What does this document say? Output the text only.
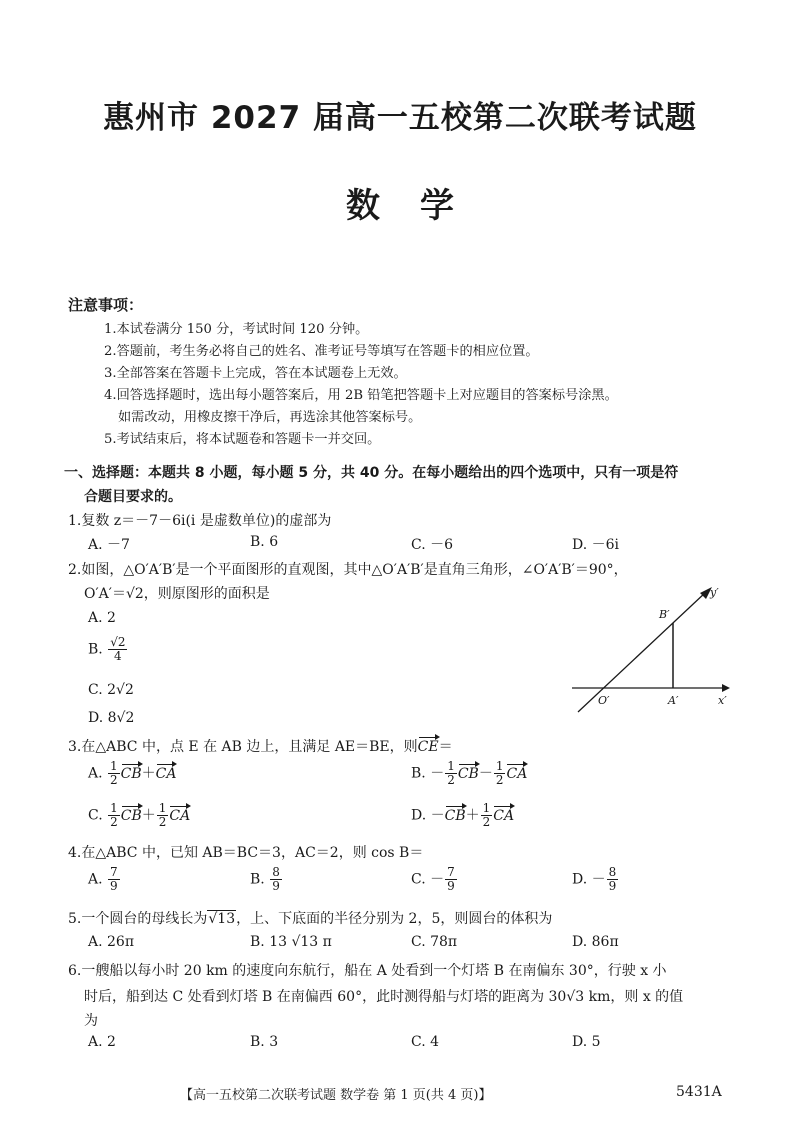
惠州市 2027 届高一五校第二次联考试题
数学
注意事项：
1.本试卷满分 150 分，考试时间 120 分钟。
2.答题前，考生务必将自己的姓名、准考证号等填写在答题卡的相应位置。
3.全部答案在答题卡上完成，答在本试题卷上无效。
4.回答选择题时，选出每小题答案后，用 2B 铅笔把答题卡上对应题目的答案标号涂黑。
如需改动，用橡皮擦干净后，再选涂其他答案标号。
5.考试结束后，将本试题卷和答题卡一并交回。
一、选择题：本题共 8 小题，每小题 5 分，共 40 分。在每小题给出的四个选项中，只有一项是符
合题目要求的。
1.复数 z＝－7－6i(i 是虚数单位)的虚部为
A. －7	B. 6	C. －6	D. －6i
2.如图，△O′A′B′是一个平面图形的直观图，其中△O′A′B′是直角三角形，∠O′A′B′＝90°，
O′A′＝√2，则原图形的面积是
A. 2
B. $\frac{√2}{4}$
C. 2√2
D. 8√2
y′
B′
O′	A′	x′
3.在△ABC 中，点 E 在 AB 边上，且满足 AE＝BE，则CE＝
A. $\frac{1}{2} CB+CA$	B. － $\frac{1}{2} CB- \frac{1}{2}$ CA
C. $\frac{1}{2} CB+ \frac{1}{2}$ CA	D. $-CB+ \frac{1}{2}$ CA
4.在△ABC 中，已知 AB＝BC＝3，AC＝2，则 cos B＝
A. $\frac{7}{9}$	B. $\frac{8}{9}$	C. － $\frac{7}{9}$	D. － $\frac{8}{9}$
5.一个圆台的母线长为√13，上、下底面的半径分别为 2，5，则圆台的体积为
A. 26π	B. 13 √13 π	C. 78π	D. 86π
6.一艘船以每小时 20 km 的速度向东航行，船在 A 处看到一个灯塔 B 在南偏东 30°，行驶 x 小
时后，船到达 C 处看到灯塔 B 在南偏西 60°，此时测得船与灯塔的距离为 30√3 km，则 x 的值
为
A. 2	B. 3	C. 4	D. 5
【高一五校第二次联考试题 数学卷 第 1 页(共 4 页)】	5431A
